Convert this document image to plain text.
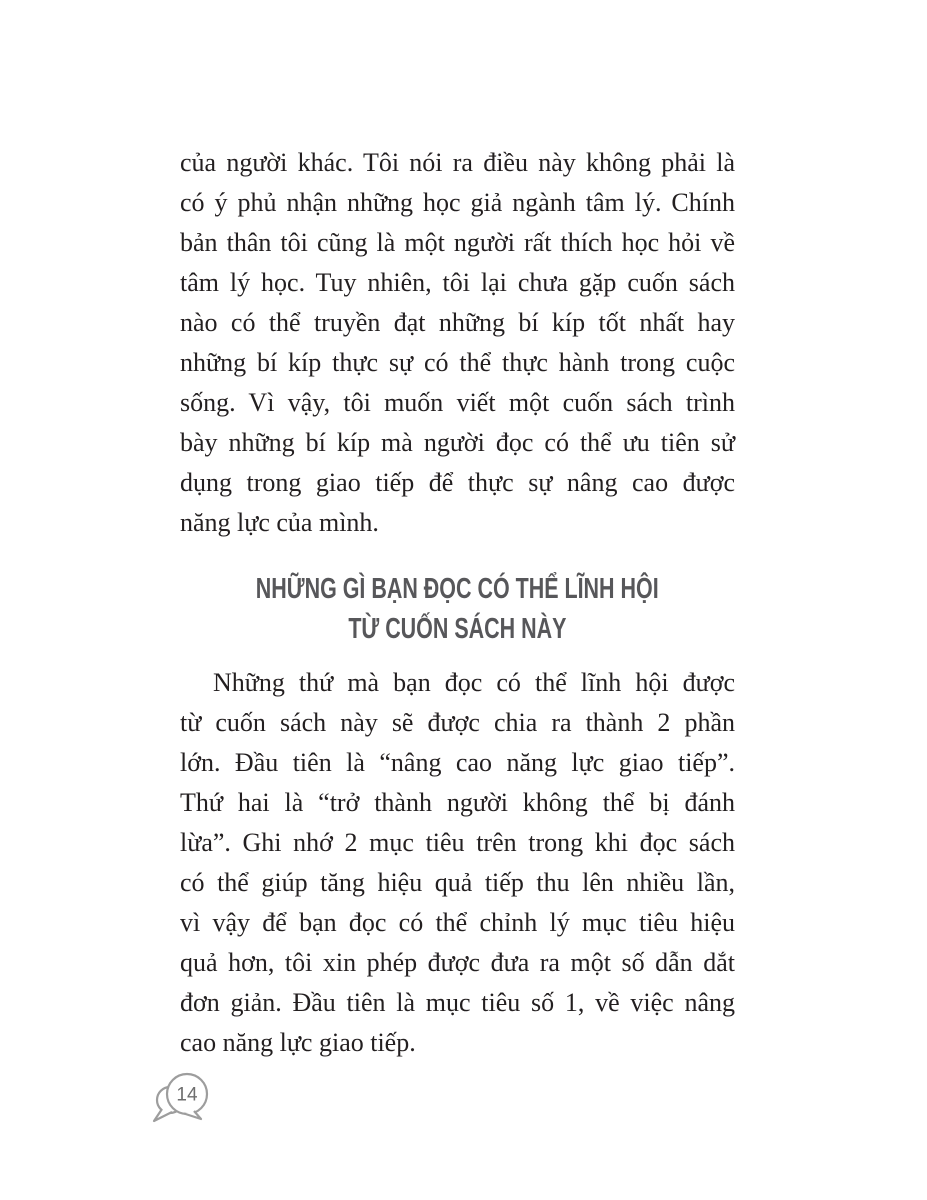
của người khác. Tôi nói ra điều này không phải là
có ý phủ nhận những học giả ngành tâm lý. Chính
bản thân tôi cũng là một người rất thích học hỏi về
tâm lý học. Tuy nhiên, tôi lại chưa gặp cuốn sách
nào có thể truyền đạt những bí kíp tốt nhất hay
những bí kíp thực sự có thể thực hành trong cuộc
sống. Vì vậy, tôi muốn viết một cuốn sách trình
bày những bí kíp mà người đọc có thể ưu tiên sử
dụng trong giao tiếp để thực sự nâng cao được
năng lực của mình.
NHỮNG GÌ BẠN ĐỌC CÓ THỂ LĨNH HỘI
TỪ CUỐN SÁCH NÀY
Những thứ mà bạn đọc có thể lĩnh hội được
từ cuốn sách này sẽ được chia ra thành 2 phần
lớn. Đầu tiên là “nâng cao năng lực giao tiếp”.
Thứ hai là “trở thành người không thể bị đánh
lừa”. Ghi nhớ 2 mục tiêu trên trong khi đọc sách
có thể giúp tăng hiệu quả tiếp thu lên nhiều lần,
vì vậy để bạn đọc có thể chỉnh lý mục tiêu hiệu
quả hơn, tôi xin phép được đưa ra một số dẫn dắt
đơn giản. Đầu tiên là mục tiêu số 1, về việc nâng
cao năng lực giao tiếp.
14
